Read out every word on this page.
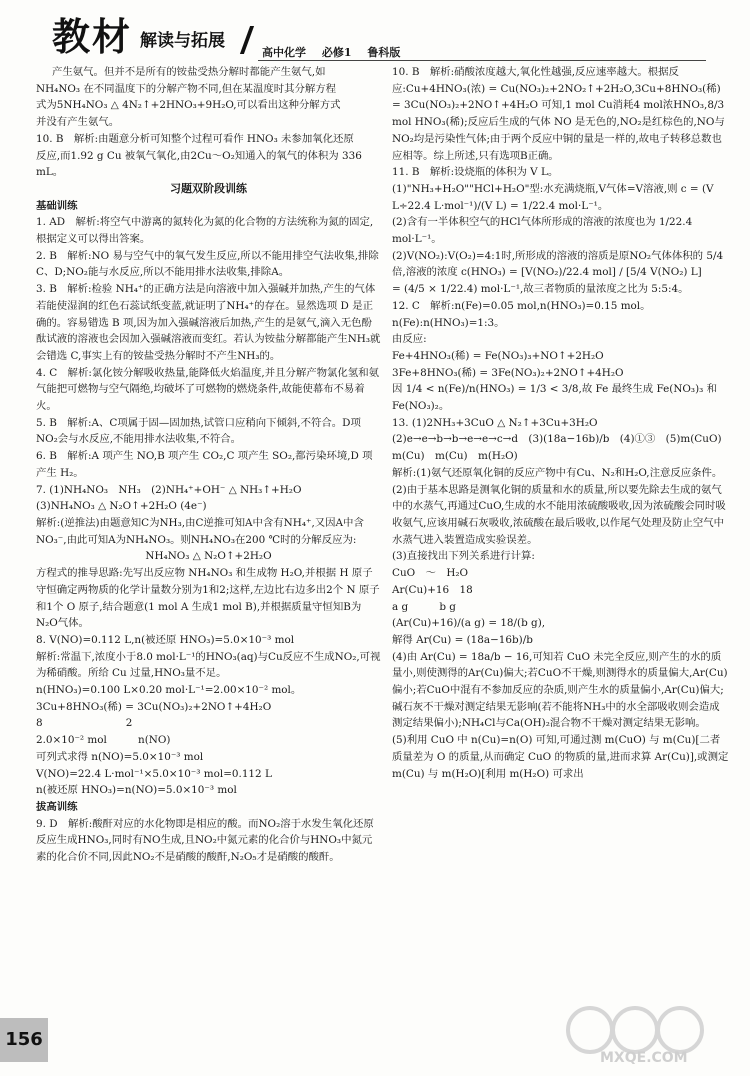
教材 解读与拓展
高中化学 必修1 鲁科版

产生氨气。但并不是所有的铵盐受热分解时都能产生氨气,如

NH₄NO₃ 在不同温度下的分解产物不同,但在某温度时其分解方程

式为5NH₄NO₃ △ 4N₂↑+2HNO₃+9H₂O,可以看出这种分解方式

并没有产生氨气。

10. B　解析:由题意分析可知整个过程可看作 HNO₃ 未参加氧化还原

反应,而1.92 g Cu 被氧气氧化,由2Cu～O₂知通入的氧气的体积为 336 mL。

习题双阶段训练

基础训练

1. AD　解析:将空气中游离的氮转化为氮的化合物的方法统称为氮的固定,根据定义可以得出答案。

2. B　解析:NO 易与空气中的氧气发生反应,所以不能用排空气法收集,排除 C、D;NO₂能与水反应,所以不能用排水法收集,排除A。

3. B　解析:检验 NH₄⁺的正确方法是向溶液中加入强碱并加热,产生的气体若能使湿润的红色石蕊试纸变蓝,就证明了NH₄⁺的存在。显然选项 D 是正确的。容易错选 B 项,因为加入强碱溶液后加热,产生的是氨气,滴入无色酚酞试液的溶液也会因加入强碱溶液而变红。若认为铵盐分解都能产生NH₃就会错选 C,事实上有的铵盐受热分解时不产生NH₃的。

4. C　解析:氯化铵分解吸收热量,能降低火焰温度,并且分解产物氯化氢和氨气能把可燃物与空气隔绝,均破坏了可燃物的燃烧条件,故能使幕布不易着火。

5. B　解析:A、C项属于固—固加热,试管口应稍向下倾斜,不符合。D项 NO₂会与水反应,不能用排水法收集,不符合。

6. B　解析:A 项产生 NO,B 项产生 CO₂,C 项产生 SO₂,都污染环境,D 项产生 H₂。

7. (1)NH₄NO₃　NH₃　(2)NH₄⁺+OH⁻ △ NH₃↑+H₂O

(3)NH₄NO₃ △ N₂O↑+2H₂O (4e⁻)

解析:(逆推法)由题意知C为NH₃,由C逆推可知A中含有NH₄⁺,又因A中含NO₃⁻,由此可知A为NH₄NO₃。则NH₄NO₃在200 ℃时的分解反应为:

NH₄NO₃ △ N₂O↑+2H₂O

方程式的推导思路:先写出反应物 NH₄NO₃ 和生成物 H₂O,并根据 H 原子守恒确定两物质的化学计量数分别为1和2;这样,左边比右边多出2个 N 原子和1个 O 原子,结合题意(1 mol A 生成1 mol B),并根据质量守恒知B为N₂O气体。

8. V(NO)=0.112 L,n(被还原 HNO₃)=5.0×10⁻³ mol

解析:常温下,浓度小于8.0 mol·L⁻¹的HNO₃(aq)与Cu反应不生成NO₂,可视为稀硝酸。所给 Cu 过量,HNO₃量不足。

n(HNO₃)=0.100 L×0.20 mol·L⁻¹=2.00×10⁻² mol。

3Cu+8HNO₃(稀) = 3Cu(NO₃)₂+2NO↑+4H₂O

8　　　　　　　　2

2.0×10⁻² mol　　　n(NO)

可列式求得 n(NO)=5.0×10⁻³ mol

V(NO)=22.4 L·mol⁻¹×5.0×10⁻³ mol=0.112 L

n(被还原 HNO₃)=n(NO)=5.0×10⁻³ mol

拔高训练

9. D　解析:酸酐对应的水化物即是相应的酸。而NO₂溶于水发生氧化还原反应生成HNO₃,同时有NO生成,且NO₂中氮元素的化合价与HNO₃中氮元素的化合价不同,因此NO₂不是硝酸的酸酐,N₂O₅才是硝酸的酸酐。

10. B　解析:硝酸浓度越大,氧化性越强,反应速率越大。根据反应:Cu+4HNO₃(浓) = Cu(NO₃)₂+2NO₂↑+2H₂O,3Cu+8HNO₃(稀) = 3Cu(NO₃)₂+2NO↑+4H₂O 可知,1 mol Cu消耗4 mol浓HNO₃,8/3 mol HNO₃(稀);反应后生成的气体 NO 是无色的,NO₂是红棕色的,NO与NO₂均是污染性气体;由于两个反应中铜的量是一样的,故电子转移总数也应相等。综上所述,只有选项B正确。

11. B　解析:设烧瓶的体积为 V L。

(1)"NH₃+H₂O""HCl+H₂O"型:水充满烧瓶,V气体=V溶液,则 c = (V L÷22.4 L·mol⁻¹)/(V L) = 1/22.4 mol·L⁻¹。

(2)含有一半体积空气的HCl气体所形成的溶液的浓度也为 1/22.4 mol·L⁻¹。

(2)V(NO₂):V(O₂)=4:1时,所形成的溶液的溶质是原NO₂气体体积的 5/4 倍,溶液的浓度 c(HNO₃) = [V(NO₂)/22.4 mol] / [5/4 V(NO₂) L]

= (4/5 × 1/22.4) mol·L⁻¹,故三者物质的量浓度之比为 5:5:4。

12. C　解析:n(Fe)=0.05 mol,n(HNO₃)=0.15 mol。

n(Fe):n(HNO₃)=1:3。

由反应:

Fe+4HNO₃(稀) = Fe(NO₃)₃+NO↑+2H₂O

3Fe+8HNO₃(稀) = 3Fe(NO₃)₂+2NO↑+4H₂O

因 1/4 < n(Fe)/n(HNO₃) = 1/3 < 3/8,故 Fe 最终生成 Fe(NO₃)₃ 和 Fe(NO₃)₂。

13. (1)2NH₃+3CuO △ N₂↑+3Cu+3H₂O　(2)e→e→b→b→e→e→c→d　(3)(18a−16b)/b　(4)①③　(5)m(CuO)　m(Cu)　m(Cu)　m(H₂O)

解析:(1)氨气还原氧化铜的反应产物中有Cu、N₂和H₂O,注意反应条件。

(2)由于基本思路是测氧化铜的质量和水的质量,所以要先除去生成的氨气中的水蒸气,再通过CuO,生成的水不能用浓硫酸吸收,因为浓硫酸会同时吸收氨气,应该用碱石灰吸收,浓硫酸在最后吸收,以作尾气处理及防止空气中水蒸气进入装置造成实验误差。

(3)直接找出下列关系进行计算:

CuO　～　H₂O

Ar(Cu)+16　18

a g　　　b g

(Ar(Cu)+16)/(a g) = 18/(b g),

解得 Ar(Cu) = (18a−16b)/b

(4)由 Ar(Cu) = 18a/b − 16,可知若 CuO 未完全反应,则产生的水的质量小,则使测得的Ar(Cu)偏大;若CuO不干燥,则测得水的质量偏大,Ar(Cu)偏小;若CuO中混有不参加反应的杂质,则产生水的质量偏小,Ar(Cu)偏大;碱石灰不干燥对测定结果无影响(若不能将NH₃中的水全部吸收则会造成测定结果偏小);NH₄Cl与Ca(OH)₂混合物不干燥对测定结果无影响。

(5)利用 CuO 中 n(Cu)=n(O) 可知,可通过测 m(CuO) 与 m(Cu)[二者质量差为 O 的质量,从而确定 CuO 的物质的量,进而求算 Ar(Cu)],或测定 m(Cu) 与 m(H₂O)[利用 m(H₂O) 可求出

156
MXQE.COM
